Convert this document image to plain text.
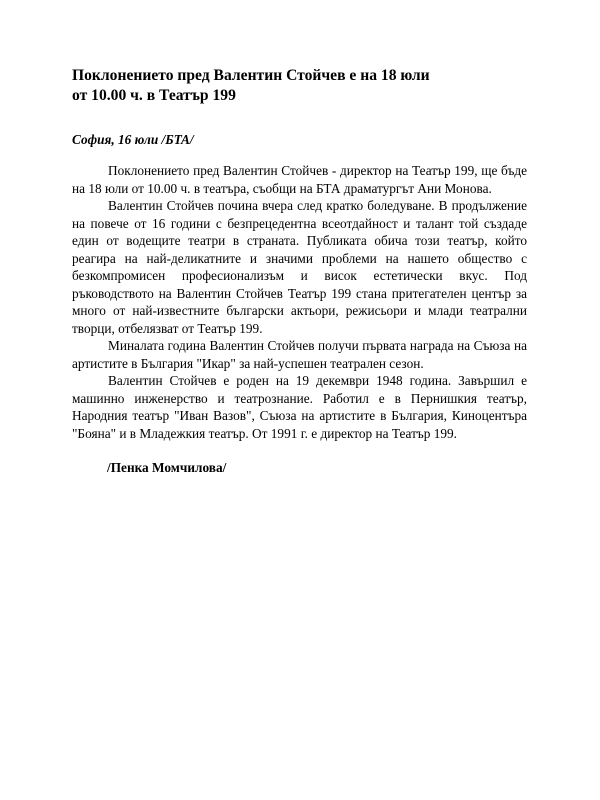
Поклонението пред Валентин Стойчев е на 18 юли
от 10.00 ч. в Театър 199

София, 16 юли /БТА/

Поклонението пред Валентин Стойчев - директор на Театър 199, ще бъде на 18 юли от 10.00 ч. в театъра, съобщи на БТА драматургът Ани Монова.

Валентин Стойчев почина вчера след кратко боледуване. В продължение на повече от 16 години с безпрецедентна всеотдайност и талант той създаде един от водещите театри в страната. Публиката обича този театър, който реагира на най-деликатните и значими проблеми на нашето общество с безкомпромисен професионализъм и висок естетически вкус. Под ръководството на Валентин Стойчев Театър 199 стана притегателен център за много от най-известните български актьори, режисьори и млади театрални творци, отбелязват от Театър 199.

Миналата година Валентин Стойчев получи първата награда на Съюза на артистите в България "Икар" за най-успешен театрален сезон.

Валентин Стойчев е роден на 19 декември 1948 година. Завършил е машинно инженерство и театрознание. Работил е в Пернишкия театър, Народния театър "Иван Вазов", Съюза на артистите в България, Киноцентъра "Бояна" и в Младежкия театър. От 1991 г. е директор на Театър 199.

/Пенка Момчилова/
